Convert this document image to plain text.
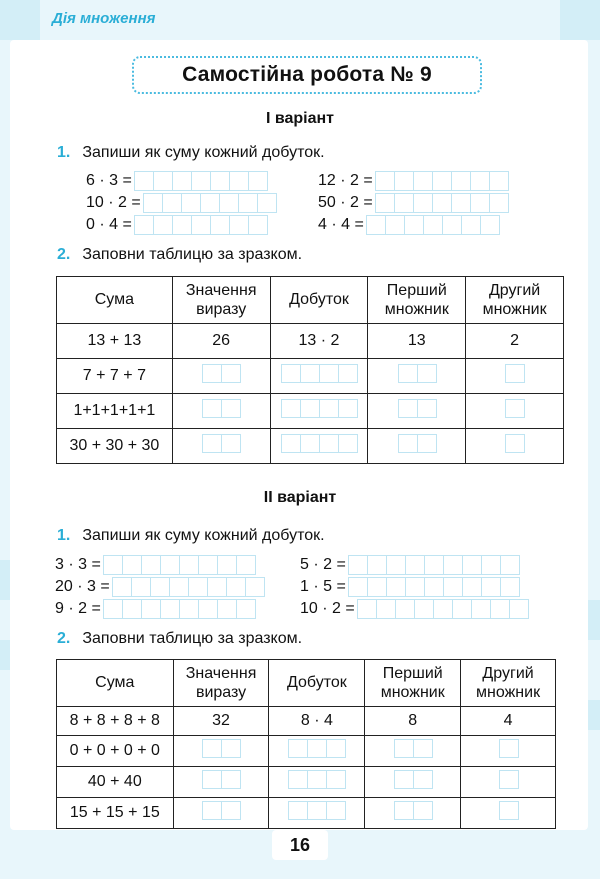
Дія множення
Самостійна робота № 9
І варіант
1. Запиши як суму кожний добуток.
6 · 3 =
10 · 2 =
0 · 4 =
12 · 2 =
50 · 2 =
4 · 4 =
2. Заповни таблицю за зразком.
Сума	Значення виразу	Добуток	Перший множник	Другий множник
13 + 13	26	13 · 2	13	2
7 + 7 + 7	

1+1+1+1+1	

30 + 30 + 30	

ІІ варіант
1. Запиши як суму кожний добуток.
3 · 3 =
20 · 3 =
9 · 2 =
5 · 2 =
1 · 5 =
10 · 2 =
2. Заповни таблицю за зразком.
Сума	Значення виразу	Добуток	Перший множник	Другий множник
8 + 8 + 8 + 8	32	8 · 4	8	4
0 + 0 + 0 + 0	

40 + 40	

15 + 15 + 15	

16
